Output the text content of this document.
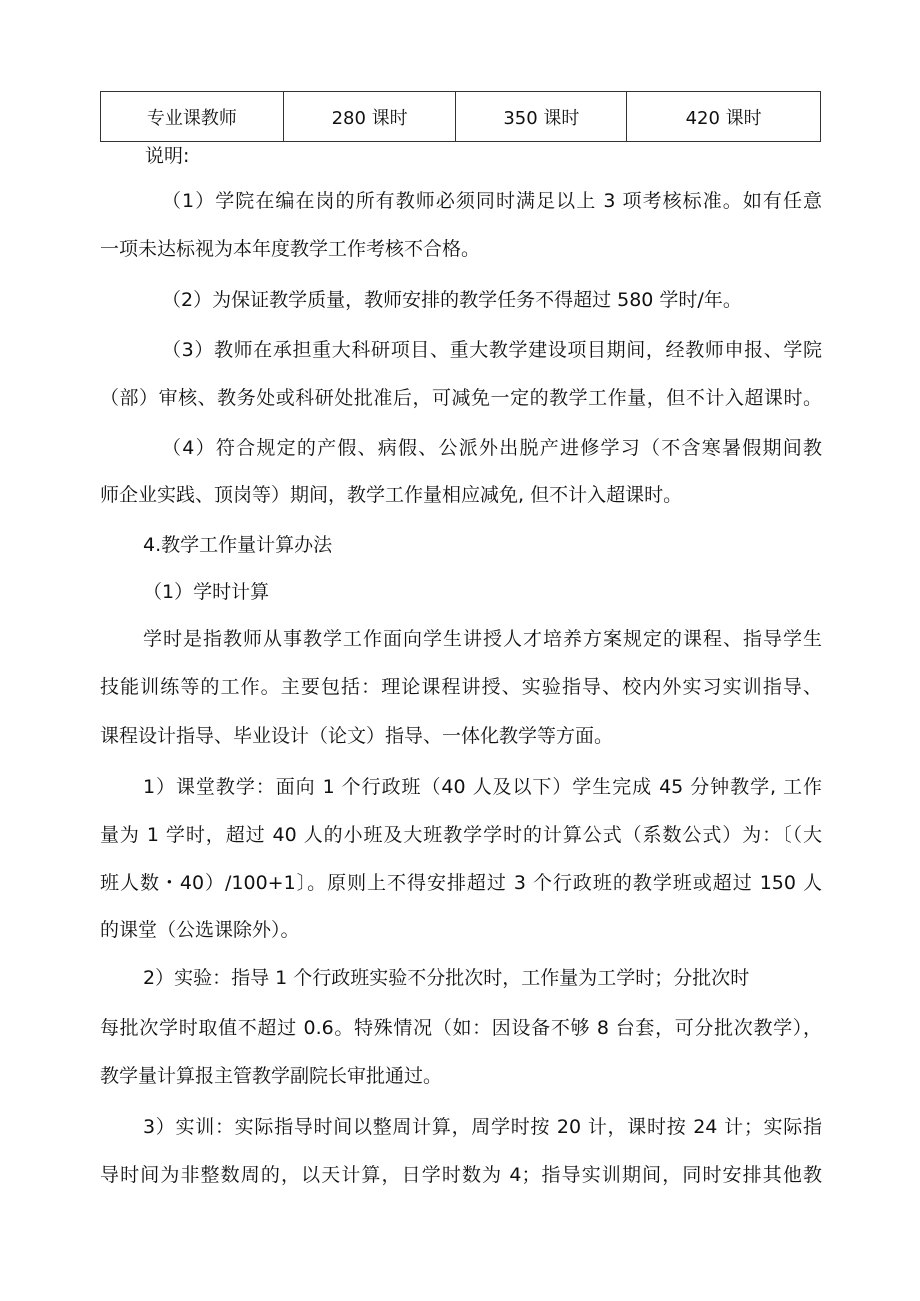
专业课教师	280 课时	350 课时	420 课时
说明:
（1）学院在编在岗的所有教师必须同时满足以上 3 项考核标准。如有任意
一项未达标视为本年度教学工作考核不合格。
（2）为保证教学质量，教师安排的教学任务不得超过 580 学时/年。
（3）教师在承担重大科研项目、重大教学建设项目期间，经教师申报、学院
（部）审核、教务处或科研处批准后，可减免一定的教学工作量，但不计入超课时。
（4）符合规定的产假、病假、公派外出脱产进修学习（不含寒暑假期间教
师企业实践、顶岗等）期间，教学工作量相应减免, 但不计入超课时。
4.教学工作量计算办法
（1）学时计算
学时是指教师从事教学工作面向学生讲授人才培养方案规定的课程、指导学生
技能训练等的工作。主要包括：理论课程讲授、实验指导、校内外实习实训指导、
课程设计指导、毕业设计（论文）指导、一体化教学等方面。
1）课堂教学：面向 1 个行政班（40 人及以下）学生完成 45 分钟教学, 工作
量为 1 学时，超过 40 人的小班及大班教学学时的计算公式（系数公式）为：〔（大
班人数・40）/100+1〕。原则上不得安排超过 3 个行政班的教学班或超过 150 人
的课堂（公选课除外）。
2）实验：指导 1 个行政班实验不分批次时，工作量为工学时；分批次时
每批次学时取值不超过 0.6。特殊情况（如：因设备不够 8 台套，可分批次教学），
教学量计算报主管教学副院长审批通过。
3）实训：实际指导时间以整周计算，周学时按 20 计，课时按 24 计；实际指
导时间为非整数周的，以天计算，日学时数为 4；指导实训期间，同时安排其他教
